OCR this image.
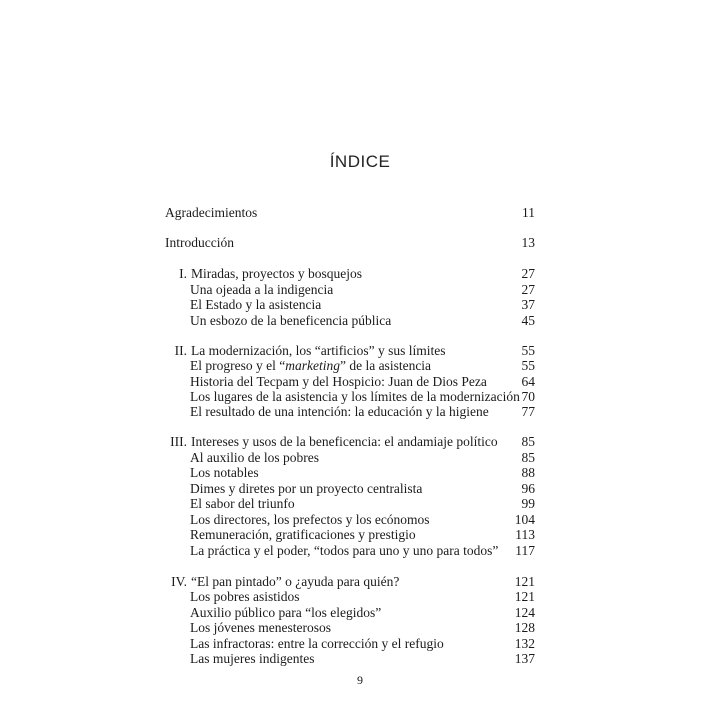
ÍNDICE
Agradecimientos	11
Introducción	13
I. Miradas, proyectos y bosquejos	27
Una ojeada a la indigencia	27
El Estado y la asistencia	37
Un esbozo de la beneficencia pública	45
II. La modernización, los “artificios” y sus límites	55
El progreso y el “marketing” de la asistencia	55
Historia del Tecpam y del Hospicio: Juan de Dios Peza	64
Los lugares de la asistencia y los límites de la modernización 70
El resultado de una intención: la educación y la higiene 77
III. Intereses y usos de la beneficencia: el andamiaje político 85
Al auxilio de los pobres	85
Los notables	88
Dimes y diretes por un proyecto centralista	96
El sabor del triunfo	99
Los directores, los prefectos y los ecónomos	104
Remuneración, gratificaciones y prestigio	113
La práctica y el poder, “todos para uno y uno para todos” 117
IV. “El pan pintado” o ¿ayuda para quién?	121
Los pobres asistidos	121
Auxilio público para “los elegidos”	124
Los jóvenes menesterosos	128
Las infractoras: entre la corrección y el refugio	132
Las mujeres indigentes	137
9
